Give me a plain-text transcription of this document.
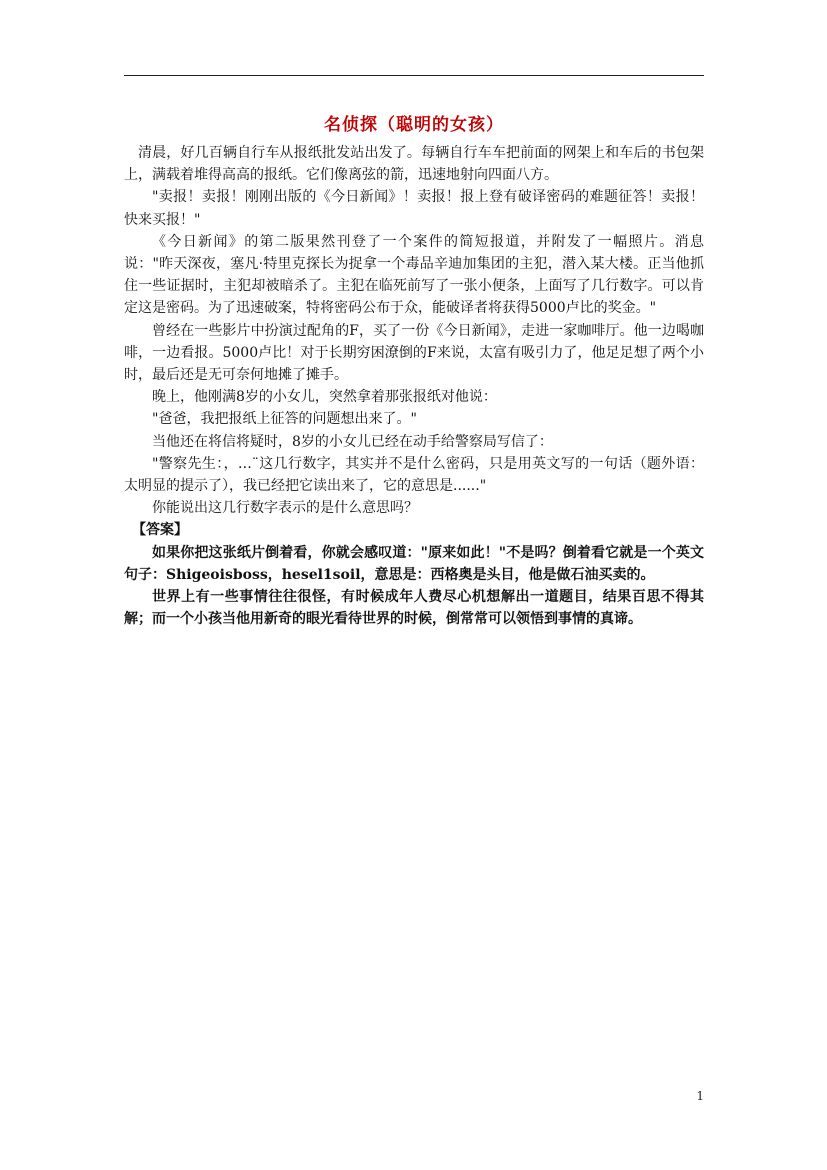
名侦探（聪明的女孩）

清晨，好几百辆自行车从报纸批发站出发了。每辆自行车车把前面的网架上和车后的书包架上，满载着堆得高高的报纸。它们像离弦的箭，迅速地射向四面八方。

"卖报！卖报！刚刚出版的《今日新闻》！卖报！报上登有破译密码的难题征答！卖报！快来买报！"

《今日新闻》的第二版果然刊登了一个案件的简短报道，并附发了一幅照片。消息说："昨天深夜，塞凡·特里克探长为捉拿一个毒品辛迪加集团的主犯，潜入某大楼。正当他抓住一些证据时，主犯却被暗杀了。主犯在临死前写了一张小便条，上面写了几行数字。可以肯定这是密码。为了迅速破案，特将密码公布于众，能破译者将获得5000卢比的奖金。"

曾经在一些影片中扮演过配角的F，买了一份《今日新闻》，走进一家咖啡厅。他一边喝咖啡，一边看报。5000卢比！对于长期穷困潦倒的F来说，太富有吸引力了，他足足想了两个小时，最后还是无可奈何地摊了摊手。

晚上，他刚满8岁的小女儿，突然拿着那张报纸对他说：

"爸爸，我把报纸上征答的问题想出来了。"

当他还在将信将疑时，8岁的小女儿已经在动手给警察局写信了：

"警察先生：，…¨这几行数字，其实并不是什么密码，只是用英文写的一句话（题外语：太明显的提示了），我已经把它读出来了，它的意思是......"

你能说出这几行数字表示的是什么意思吗？

【答案】

如果你把这张纸片倒着看，你就会感叹道："原来如此！"不是吗？倒着看它就是一个英文句子：Shigeoisboss，hesel1soil，意思是：西格奥是头目，他是做石油买卖的。

世界上有一些事情往往很怪，有时候成年人费尽心机想解出一道题目，结果百思不得其解；而一个小孩当他用新奇的眼光看待世界的时候，倒常常可以领悟到事情的真谛。

1
